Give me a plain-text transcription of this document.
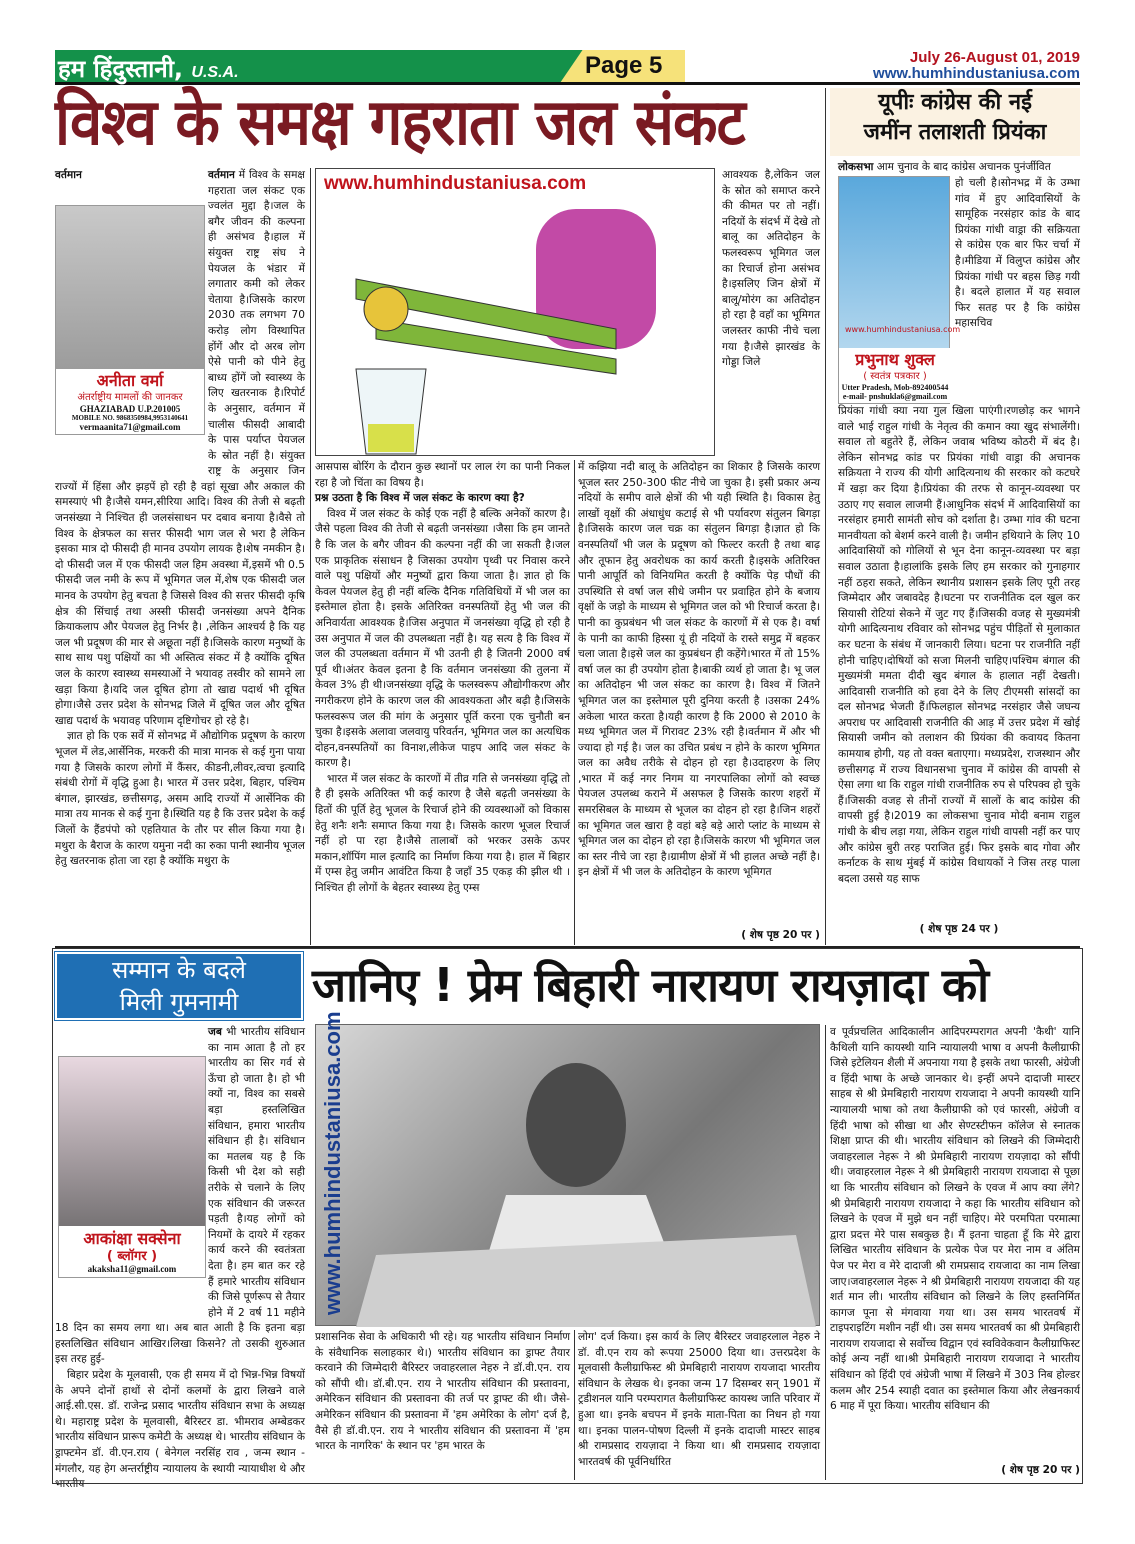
हम हिंदुस्तानी, U.S.A.	Page 5	July 26-August 01, 2019
www.humhindustaniusa.com
विश्व के समक्ष गहराता जल संकट
वर्तमान
अनीता वर्मा
अंतर्राष्ट्रीय मामलों की जानकर
GHAZIABAD U.P.201005
MOBILE NO. 9868350984,9953140641
vermaanita71@gmail.com

वर्तमान में विश्व के समक्ष गहराता जल संकट एक ज्वलंत मुद्दा है।जल के बगैर जीवन की कल्पना ही असंभव है।हाल में संयुक्त राष्ट्र संघ ने पेयजल के भंडार में लगातार कमी को लेकर चेताया है।जिसके कारण 2030 तक लगभग 70 करोड़ लोग विस्थापित होंगें और दो अरब लोग ऐसे पानी को पीने हेतु बाध्य होंगें जो स्वास्थ्य के लिए खतरनाक है।रिपोर्ट के अनुसार, वर्तमान में चालीस फीसदी आबादी के पास पर्याप्त पेयजल के स्रोत नहीं है। संयुक्त राष्ट्र के अनुसार जिन राज्यों में हिंसा और झड़पें हो रही है वहां सूखा और अकाल की समस्याएं भी है।जैसे यमन,सीरिया आदि। विश्व की तेजी से बढ़ती जनसंख्या ने निश्चित ही जलसंसाधन पर दबाव बनाया है।वैसे तो विश्व के क्षेत्रफल का सत्तर फीसदी भाग जल से भरा है लेकिन इसका मात्र दो फीसदी ही मानव उपयोग लायक है।शेष नमकीन है।दो फीसदी जल में एक फीसदी जल हिम अवस्था में,इसमें भी 0.5 फीसदी जल नमी के रूप में भूमिगत जल में,शेष एक फीसदी जल मानव के उपयोग हेतु बचता है जिससे विश्व की सत्तर फीसदी कृषि क्षेत्र की सिंचाई तथा अस्सी फीसदी जनसंख्या अपने दैनिक क्रियाकलाप और पेयजल हेतु निर्भर है। ,लेकिन आश्चर्य है कि यह जल भी प्रदूषण की मार से अछूता नहीं है।जिसके कारण मनुष्यों के साथ साथ पशु पक्षियों का भी अस्तित्व संकट में है क्योंकि दूषित जल के कारण स्वास्थ्य समस्याओं ने भयावह तस्वीर को सामने ला खड़ा किया है।यदि जल दूषित होगा तो खाद्य पदार्थ भी दूषित होगा।जैसे उत्तर प्रदेश के सोनभद्र जिले में दूषित जल और दूषित खाद्य पदार्थ के भयावह परिणाम दृष्टिगोचर हो रहे है।

ज्ञात हो कि एक सर्वे में सोनभद्र में औद्योगिक प्रदूषण के कारण भूजल में लेड,आर्सेनिक, मरकरी की मात्रा मानक से कई गुना पाया गया है जिसके कारण लोगों में कैंसर, कीडनी,लीवर,त्वचा इत्यादि संबंधी रोगों में वृद्धि हुआ है। भारत में उत्तर प्रदेश, बिहार, पश्चिम बंगाल, झारखंड, छत्तीसगढ़, असम आदि राज्यों में आर्सेनिक की मात्रा तय मानक से कई गुना है।स्थिति यह है कि उत्तर प्रदेश के कई जिलों के हैंडपंपो को एहतियात के तौर पर सील किया गया है।मथुरा के बैराज के कारण यमुना नदी का रुका पानी स्थानीय भूजल हेतु खतरनाक होता जा रहा है क्योंकि मथुरा के

www.humhindustaniusa.com	आवश्यक है,लेकिन जल के स्रोत को समाप्त करने की कीमत पर तो नहीं। नदियों के संदर्भ में देखे तो बालू का अतिदोहन के फलस्वरूप भूमिगत जल का रिचार्ज होना असंभव है।इसलिए जिन क्षेत्रों में बालू/मोरंग का अतिदोहन हो रहा है वहाँ का भूमिगत जलस्तर काफी नीचे चला गया है।जैसे झारखंड के गोड्डा जिले

आसपास बोरिंग के दौरान कुछ स्थानों पर लाल रंग का पानी निकल रहा है जो चिंता का विषय है।

प्रश्न उठता है कि विश्व में जल संकट के कारण क्या है?

विश्व में जल संकट के कोई एक नहीं है बल्कि अनेकों कारण है।जैसे पहला विश्व की तेजी से बढ़ती जनसंख्या ।जैसा कि हम जानते है कि जल के बगैर जीवन की कल्पना नहीं की जा सकती है।जल एक प्राकृतिक संसाधन है जिसका उपयोग पृथ्वी पर निवास करने वाले पशु पक्षियों और मनुष्यों द्वारा किया जाता है। ज्ञात हो कि केवल पेयजल हेतु ही नहीं बल्कि दैनिक गतिविधियों में भी जल का इस्तेमाल होता है। इसके अतिरिक्त वनस्पतियों हेतु भी जल की अनिवार्यता आवश्यक है।जिस अनुपात में जनसंख्या वृद्धि हो रही है उस अनुपात में जल की उपलब्धता नहीं है। यह सत्य है कि विश्व में जल की उपलब्धता वर्तमान में भी उतनी ही है जितनी 2000 वर्ष पूर्व थी।अंतर केवल इतना है कि वर्तमान जनसंख्या की तुलना में केवल 3% ही थी।जनसंख्या वृद्धि के फलस्वरूप औद्योगीकरण और नगरीकरण होने के कारण जल की आवश्यकता और बढ़ी है।जिसके फलस्वरूप जल की मांग के अनुसार पूर्ति करना एक चुनौती बन चुका है।इसके अलावा जलवायु परिवर्तन, भूमिगत जल का अत्यधिक दोहन,वनस्पतियों का विनाश,लीकेज पाइप आदि जल संकट के कारण है।

भारत में जल संकट के कारणों में तीव्र गति से जनसंख्या वृद्धि तो है ही इसके अतिरिक्त भी कई कारण है जैसे बढ़ती जनसंख्या के हितों की पूर्ति हेतु भूजल के रिचार्ज होने की व्यवस्थाओं को विकास हेतु शनैः शनैः समाप्त किया गया है। जिसके कारण भूजल रिचार्ज नहीं हो पा रहा है।जैसे तालाबों को भरकर उसके ऊपर मकान,शॉपिंग माल इत्यादि का निर्माण किया गया है। हाल में बिहार में एम्स हेतु जमीन आवंटित किया है जहाँ 35 एकड़ की झील थी ।निश्चित ही लोगों के बेहतर स्वास्थ्य हेतु एम्स

में कझिया नदी बालू के अतिदोहन का शिकार है जिसके कारण भूजल स्तर 250-300 फीट नीचे जा चुका है। इसी प्रकार अन्य नदियों के समीप वाले क्षेत्रों की भी यही स्थिति है। विकास हेतु लाखों वृक्षों की अंधाधुंध कटाई से भी पर्यावरण संतुलन बिगड़ा है।जिसके कारण जल चक्र का संतुलन बिगड़ा है।ज्ञात हो कि वनस्पतियाँ भी जल के प्रदूषण को फिल्टर करती है तथा बाढ़ और तूफान हेतु अवरोधक का कार्य करती है।इसके अतिरिक्त पानी आपूर्ति को विनियमित करती है क्योंकि पेड़ पौधों की उपस्थिति से वर्षा जल सीधे जमीन पर प्रवाहित होने के बजाय वृक्षों के जड़ो के माध्यम से भूमिगत जल को भी रिचार्ज करता है। पानी का कुप्रबंधन भी जल संकट के कारणों में से एक है। वर्षा के पानी का काफी हिस्सा यूं ही नदियों के रास्ते समुद्र में बहकर चला जाता है।इसे जल का कुप्रबंधन ही कहेंगे।भारत में तो 15% वर्षा जल का ही उपयोग होता है।बाकी व्यर्थ हो जाता है। भू जल का अतिदोहन भी जल संकट का कारण है। विश्व में जितने भूमिगत जल का इस्तेमाल पूरी दुनिया करती है ।उसका 24% अकेला भारत करता है।यही कारण है कि 2000 से 2010 के मध्य भूमिगत जल में गिरावट 23% रही है।वर्तमान में और भी ज्यादा हो गई है। जल का उचित प्रबंध न होने के कारण भूमिगत जल का अवैध तरीके से दोहन हो रहा है।उदाहरण के लिए ,भारत में कई नगर निगम या नगरपालिका लोगों को स्वच्छ पेयजल उपलब्ध कराने में असफल है जिसके कारण शहरों में समरसिबल के माध्यम से भूजल का दोहन हो रहा है।जिन शहरों का भूमिगत जल खारा है वहां बड़े बड़े आरो प्लांट के माध्यम से भूमिगत जल का दोहन हो रहा है।जिसके कारण भी भूमिगत जल का स्तर नीचे जा रहा है।ग्रामीण क्षेत्रों में भी हालत अच्छे नहीं है।इन क्षेत्रों में भी जल के अतिदोहन के कारण भूमिगत

( शेष पृष्ठ 20 पर )
यूपीः कांग्रेस की नई
जमींन तलाशती प्रियंका
लोकसभा आम चुनाव के बाद कांग्रेस अचानक पुनंर्जीवित
www.humhindustaniusa.com
प्रभुनाथ शुक्ल
( स्वतंत्र पत्रकार )
Utter Pradesh, Mob-892400544
e-mail- pnshukla6@gmail.com

हो चली है।सोनभद्र में के उम्भा गांव में हुए आदिवासियों के सामूहिक नरसंहार कांड के बाद प्रियंका गांधी वाड्रा की सक्रियता से कांग्रेस एक बार फिर चर्चा में है।मीडिया में विलुप्त कांग्रेस और प्रियंका गांधी पर बहस छिड़ गयी है। बदले हालात में यह सवाल फिर सतह पर है कि कांग्रेस महासचिव

प्रियंका गांधी क्या नया गुल खिला पाएंगी।रणछोड़ कर भागने वाले भाई राहुल गांधी के नेतृत्व की कमान क्या खुद संभालेंगी।सवाल तो बहुतेरे हैं, लेकिन जवाब भविष्य कोठरी में बंद है।लेकिन सोनभद्र कांड पर प्रियंका गांधी वाड्रा की अचानक सक्रियता ने राज्य की योगी आदित्यनाथ की सरकार को कटघरे में खड़ा कर दिया है।प्रियंका की तरफ से कानून-व्यवस्था पर उठाए गए सवाल लाजमी हैं।आधुनिक संदर्भ में आदिवासियों का नरसंहार हमारी सामंती सोच को दर्शाता है। उम्भा गांव की घटना मानवीयता को बेशर्म करने वाली है। जमीन हथियाने के लिए 10 आदिवासियों को गोलियों से भून देना कानून-व्यवस्था पर बड़ा सवाल उठाता है।हालांकि इसके लिए हम सरकार को गुनाहगार नहीं ठहरा सकते, लेकिन स्थानीय प्रशासन इसके लिए पूरी तरह जिम्मेदार और जबावदेह है।घटना पर राजनीतिक दल खुल कर सियासी रोटियां सेकने में जुट गए हैं।जिसकी वजह से मुख्यमंत्री योगी आदित्यनाथ रविवार को सोनभद्र पहुंच पीड़ितों से मुलाकात कर घटना के संबंध में जानकारी लिया। घटना पर राजनीति नहीं होनी चाहिए।दोषियों को सजा मिलनी चाहिए।पश्चिम बंगाल की मुख्यमंत्री ममता दीदी खुद बंगाल के हालात नहीं देखती। आदिवासी राजनीति को हवा देने के लिए टीएमसी सांसदों का दल सोनभद्र भेजती हैं।फिलहाल सोनभद्र नरसंहार जैसे जघन्य अपराध पर आदिवासी राजनीति की आड़ में उत्तर प्रदेश में खोई सियासी जमीन को तलाशन की प्रियंका की कवायद कितना कामयाब होगी, यह तो वक्त बताएगा। मध्यप्रदेश, राजस्थान और छत्तीसगढ़ में राज्य विधानसभा चुनाव में कांग्रेस की वापसी से ऐसा लगा था कि राहुल गांधी राजनीतिक रुप से परिपक्व हो चुके हैं।जिसकी वजह से तीनों राज्यों में सालों के बाद कांग्रेस की वापसी हुई है।2019 का लोकसभा चुनाव मोदी बनाम राहुल गांधी के बीच लड़ा गया, लेकिन राहुल गांधी वापसी नहीं कर पाए और कांग्रेस बुरी तरह पराजित हुई। फिर इसके बाद गोवा और कर्नाटक के साथ मुंबई में कांग्रेस विधायकों ने जिस तरह पाला बदला उससे यह साफ

( शेष पृष्ठ 24 पर )
सम्मान के बदले
मिली गुमनामी	जानिए ! प्रेम बिहारी नारायण रायज़ादा को
आकांक्षा सक्सेना
( ब्लॉगर )
akaksha11@gmail.com

जब भी भारतीय संविधान का नाम आता है तो हर भारतीय का सिर गर्व से ऊँचा हो जाता है। हो भी क्यों ना, विश्व का सबसे बड़ा हस्तलिखित संविधान, हमारा भारतीय संविधान ही है। संविधान का मतलब यह है कि किसी भी देश को सही तरीके से चलाने के लिए एक संविधान की जरूरत पड़ती है।यह लोगों को नियमों के दायरे में रहकर कार्य करने की स्वतंत्रता देता है। हम बात कर रहे हैं हमारे भारतीय संविधान की जिसे पूर्णरूप से तैयार होने में 2 वर्ष 11 महीने 18 दिन का समय लगा था। अब बात आती है कि इतना बड़ा हस्तलिखित संविधान आखिर।लिखा किसने? तो उसकी शुरुआत इस तरह हुई-

बिहार प्रदेश के मूलवासी, एक ही समय में दो भिन्न-भिन्न विषयों के अपने दोनों हाथों से दोनों कलमों के द्वारा लिखने वाले आई.सी.एस. डॉ. राजेन्द्र प्रसाद भारतीय संविधान सभा के अध्यक्ष थे। महाराष्ट्र प्रदेश के मूलवासी, बैरिस्टर डा. भीमराव अम्बेडकर भारतीय संविधान प्रारूप कमेटी के अध्यक्ष थे। भारतीय संविधान के ड्राफ्टमेन डॉ. वी.एन.राय ( बेनेगल नरसिंह राव , जन्म स्थान - मंगलौर, यह हेग अन्तर्राष्ट्रीय न्यायालय के स्थायी न्यायाधीश थे और भारतीय

www.humhindustaniusa.com

प्रशासनिक सेवा के अधिकारी भी रहे। यह भारतीय संविधान निर्माण के संवैधानिक सलाहकार थे।) भारतीय संविधान का ड्राफ्ट तैयार करवाने की जिम्मेदारी बैरिस्टर जवाहरलाल नेहरु ने डॉ.वी.एन. राय को सौंपी थी। डॉ.बी.एन. राय ने भारतीय संविधान की प्रस्तावना, अमेरिकन संविधान की प्रस्तावना की तर्ज पर ड्राफ्ट की थी। जैसे- अमेरिकन संविधान की प्रस्तावना में 'हम अमेरिका के लोग' दर्ज है, वैसे ही डॉ.वी.एन. राय ने भारतीय संविधान की प्रस्तावना में 'हम भारत के नागरिक' के स्थान पर 'हम भारत के

लोग' दर्ज किया। इस कार्य के लिए बैरिस्टर जवाहरलाल नेहरु ने डॉ. वी.एन राय को रूपया 25000 दिया था। उत्तरप्रदेश के मूलवासी कैलीग्राफिस्ट श्री प्रेमबिहारी नारायण रायजादा भारतीय संविधान के लेखक थे। इनका जन्म 17 दिसम्बर सन् 1901 में ट्रडीशनल यानि परम्परागत कैलीग्राफिस्ट कायस्थ जाति परिवार में हुआ था। इनके बचपन में इनके माता-पिता का निधन हो गया था। इनका पालन-पोषण दिल्ली में इनके दादाजी मास्टर साहब श्री रामप्रसाद रायज़ादा ने किया था। श्री रामप्रसाद रायज़ादा भारतवर्ष की पूर्वनिर्धारित

व पूर्वप्रचलित आदिकालीन आदिपरम्परागत अपनी 'कैथी' यानि कैथिली यानि कायस्थी यानि न्यायालयी भाषा व अपनी कैलीग्राफी जिसे इटेलियन शैली में अपनाया गया है इसके तथा फारसी, अंग्रेजी व हिंदी भाषा के अच्छे जानकार थे। इन्हीं अपने दादाजी मास्टर साहब से श्री प्रेमबिहारी नारायण रायजादा ने अपनी कायस्थी यानि न्यायालयी भाषा को तथा कैलीग्राफी को एवं फारसी, अंग्रेजी व हिंदी भाषा को सीखा था और सेण्टस्टीफन कॉलेज से स्नातक शिक्षा प्राप्त की थी। भारतीय संविधान को लिखने की जिम्मेदारी जवाहरलाल नेहरू ने श्री प्रेमबिहारी नारायण रायज़ादा को सौंपी थी। जवाहरलाल नेहरू ने श्री प्रेमबिहारी नारायण रायजादा से पूछा था कि भारतीय संविधान को लिखने के एवज में आप क्या लेंगे? श्री प्रेमबिहारी नारायण रायजादा ने कहा कि भारतीय संविधान को लिखने के एवज में मुझे धन नहीं चाहिए। मेरे परमपिता परमात्मा द्वारा प्रदत्त मेरे पास सबकुछ है। मैं इतना चाहता हूँ कि मेरे द्वारा लिखित भारतीय संविधान के प्रत्येक पेज पर मेरा नाम व अंतिम पेज पर मेरा व मेरे दादाजी श्री रामप्रसाद रायजादा का नाम लिखा जाए।जवाहरलाल नेहरू ने श्री प्रेमबिहारी नारायण रायजादा की यह शर्त मान ली। भारतीय संविधान को लिखने के लिए हस्तनिर्मित कागज पूना से मंगवाया गया था। उस समय भारतवर्ष में टाइपराइटिंग मशीन नहीं थी। उस समय भारतवर्ष का श्री प्रेमबिहारी नारायण रायजादा से सर्वोच्च विद्वान एवं स्वविवेकवान कैलीग्राफिस्ट कोई अन्य नहीं था।श्री प्रेमबिहारी नारायण रायजादा ने भारतीय संविधान को हिंदी एवं अंग्रेजी भाषा में लिखने में 303 निब होल्डर कलम और 254 स्याही दवात का इस्तेमाल किया और लेखनकार्य 6 माह में पूरा किया। भारतीय संविधान की

( शेष पृष्ठ 20 पर )
